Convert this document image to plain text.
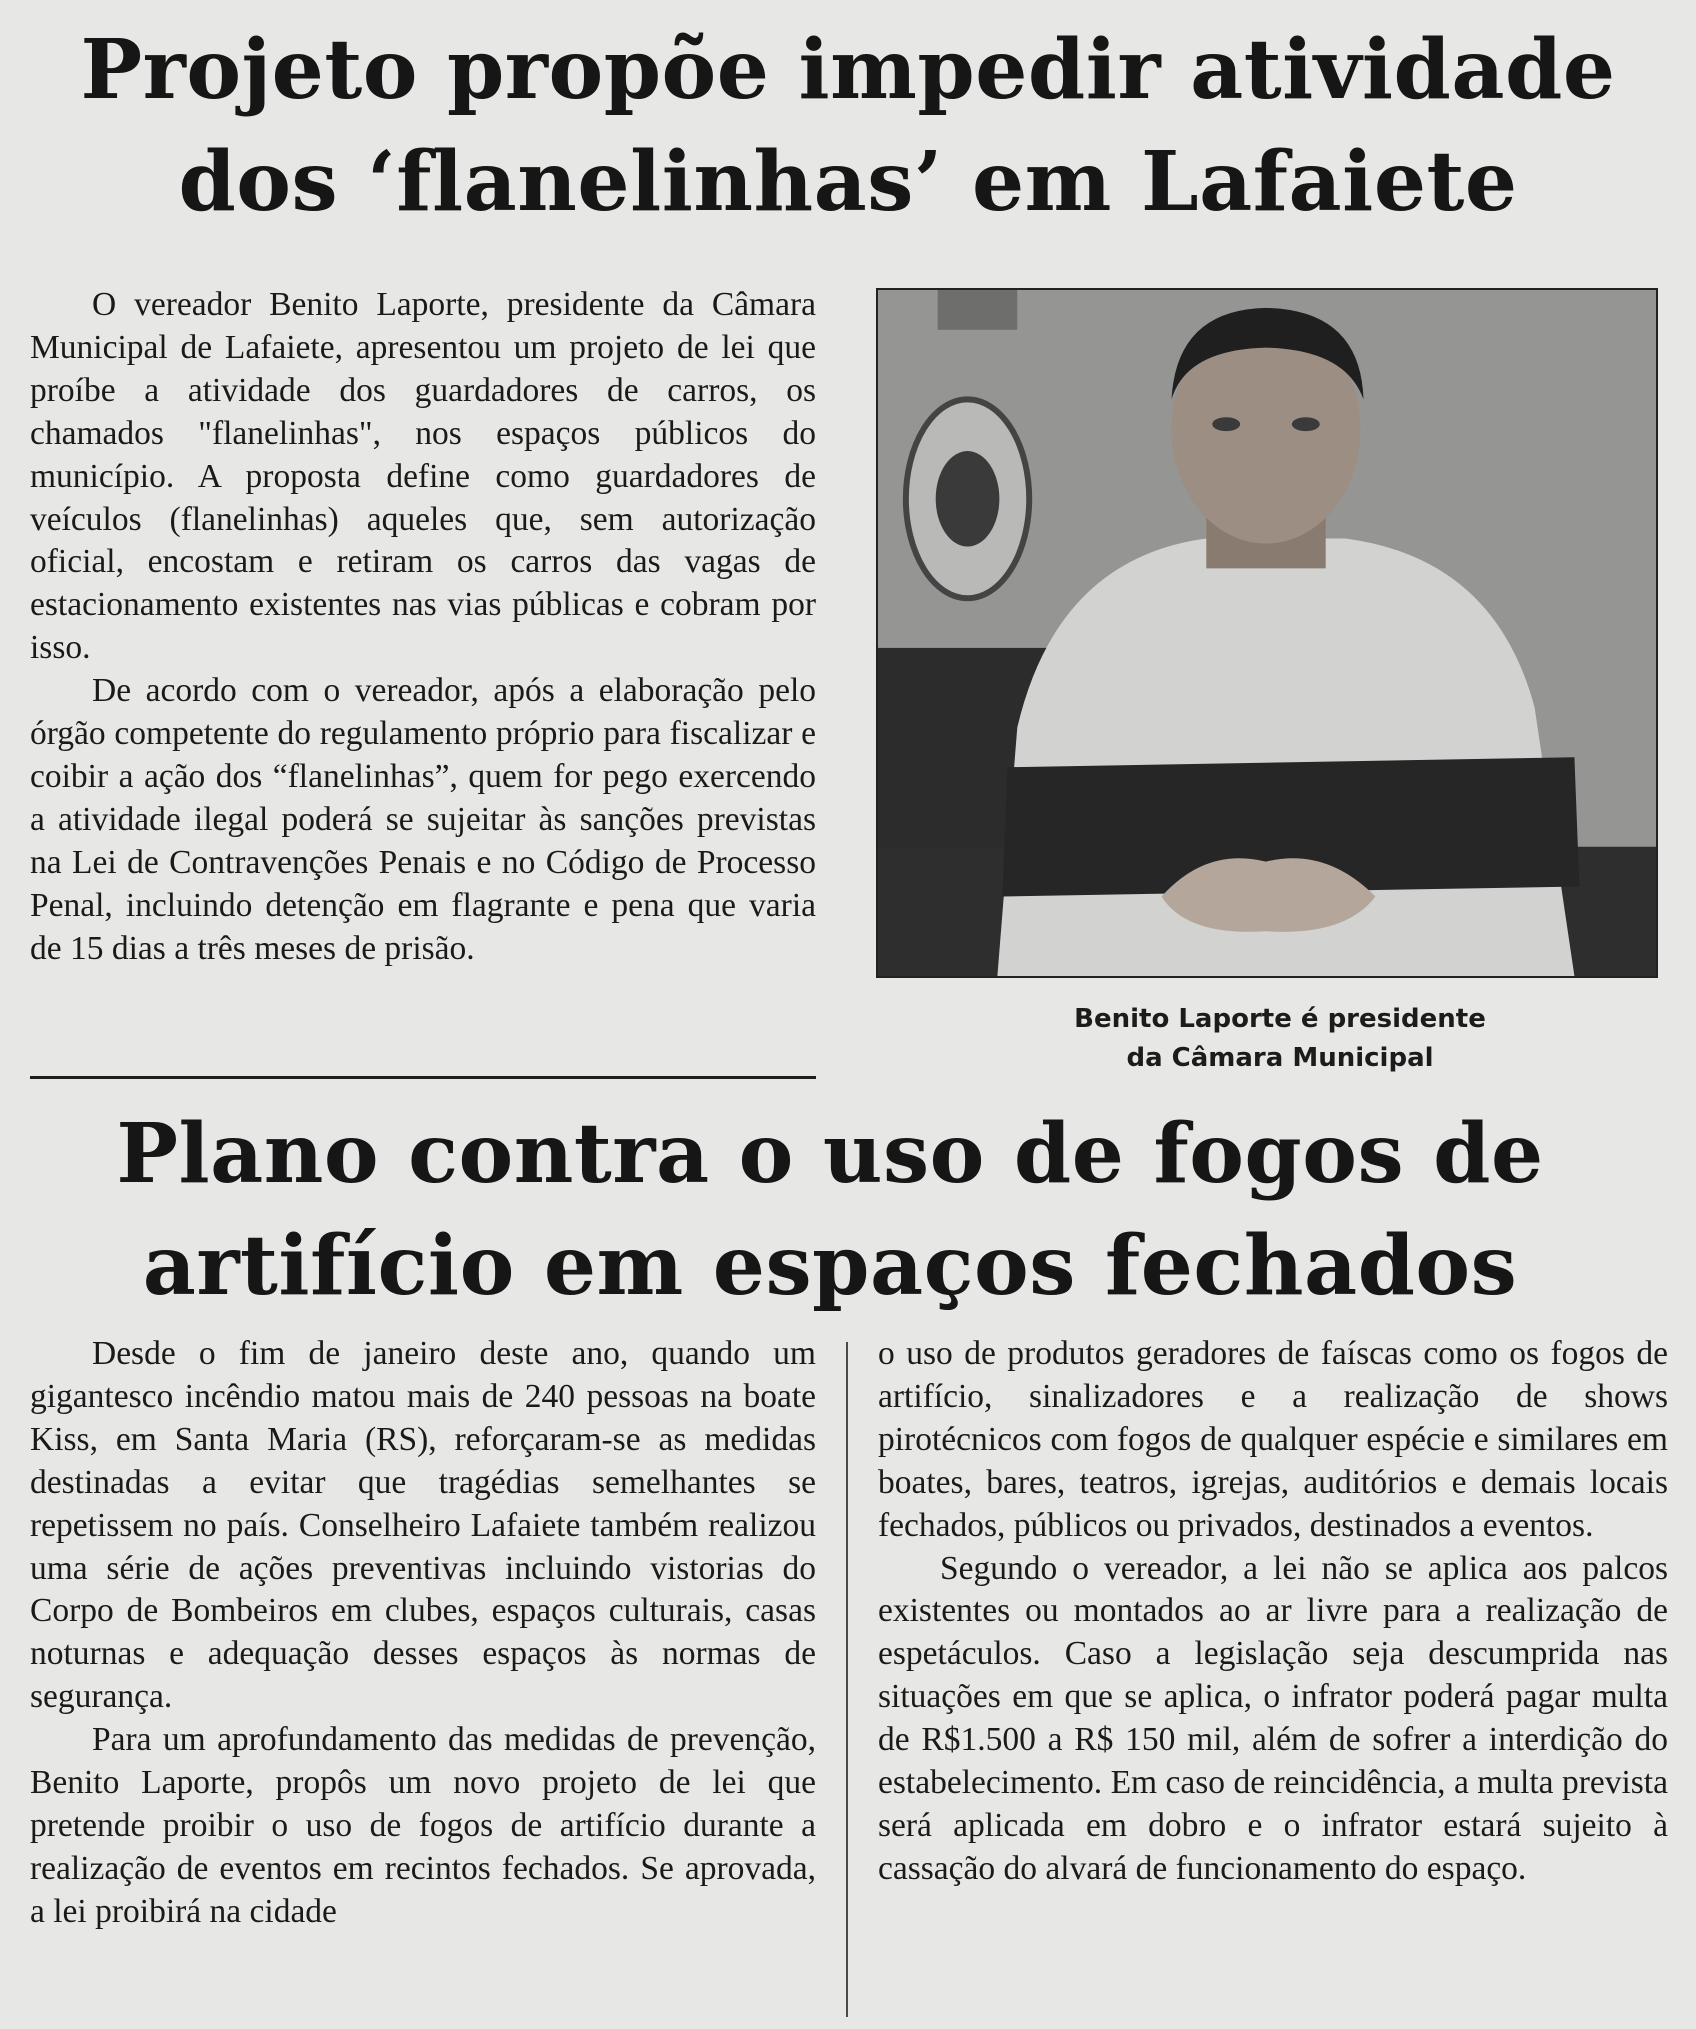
Projeto propõe impedir atividade
dos ‘flanelinhas’ em Lafaiete

O vereador Benito Laporte, presidente da Câmara Municipal de Lafaiete, apresentou um projeto de lei que proíbe a atividade dos guardadores de carros, os chamados "flanelinhas", nos espaços públicos do município. A proposta define como guardadores de veículos (flanelinhas) aqueles que, sem autorização oficial, encostam e retiram os carros das vagas de estacionamento existentes nas vias públicas e cobram por isso.

De acordo com o vereador, após a elaboração pelo órgão competente do regulamento próprio para fiscalizar e coibir a ação dos “flanelinhas”, quem for pego exercendo a atividade ilegal poderá se sujeitar às sanções previstas na Lei de Contravenções Penais e no Código de Processo Penal, incluindo detenção em flagrante e pena que varia de 15 dias a três meses de prisão.

Benito Laporte é presidente
da Câmara Municipal
Plano contra o uso de fogos de
artifício em espaços fechados

Desde o fim de janeiro deste ano, quando um gigantesco incêndio matou mais de 240 pessoas na boate Kiss, em Santa Maria (RS), reforçaram-se as medidas destinadas a evitar que tragédias semelhantes se repetissem no país. Conselheiro Lafaiete também realizou uma série de ações preventivas incluindo vistorias do Corpo de Bombeiros em clubes, espaços culturais, casas noturnas e adequação desses espaços às normas de segurança.

Para um aprofundamento das medidas de prevenção, Benito Laporte, propôs um novo projeto de lei que pretende proibir o uso de fogos de artifício durante a realização de eventos em recintos fechados. Se aprovada, a lei proibirá na cidade

o uso de produtos geradores de faíscas como os fogos de artifício, sinalizadores e a realização de shows pirotécnicos com fogos de qualquer espécie e similares em boates, bares, teatros, igrejas, auditórios e demais locais fechados, públicos ou privados, destinados a eventos.

Segundo o vereador, a lei não se aplica aos palcos existentes ou montados ao ar livre para a realização de espetáculos. Caso a legislação seja descumprida nas situações em que se aplica, o infrator poderá pagar multa de R$1.500 a R$ 150 mil, além de sofrer a interdição do estabelecimento. Em caso de reincidência, a multa prevista será aplicada em dobro e o infrator estará sujeito à cassação do alvará de funcionamento do espaço.
